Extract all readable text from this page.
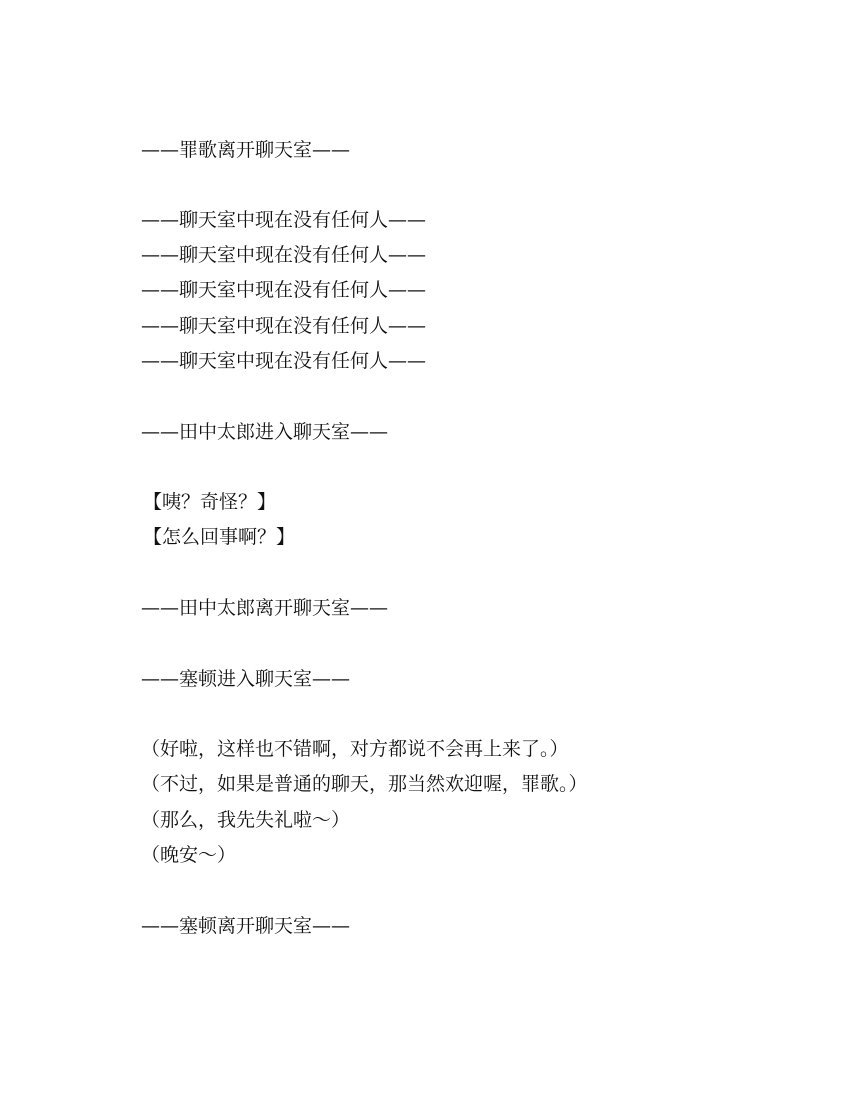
——罪歌离开聊天室——
——聊天室中现在没有任何人——
——聊天室中现在没有任何人——
——聊天室中现在没有任何人——
——聊天室中现在没有任何人——
——聊天室中现在没有任何人——
——田中太郎进入聊天室——
【咦？奇怪？】
【怎么回事啊？】
——田中太郎离开聊天室——
——塞顿进入聊天室——
（好啦，这样也不错啊，对方都说不会再上来了。）
（不过，如果是普通的聊天，那当然欢迎喔，罪歌。）
（那么，我先失礼啦～）
（晚安～）
——塞顿离开聊天室——
